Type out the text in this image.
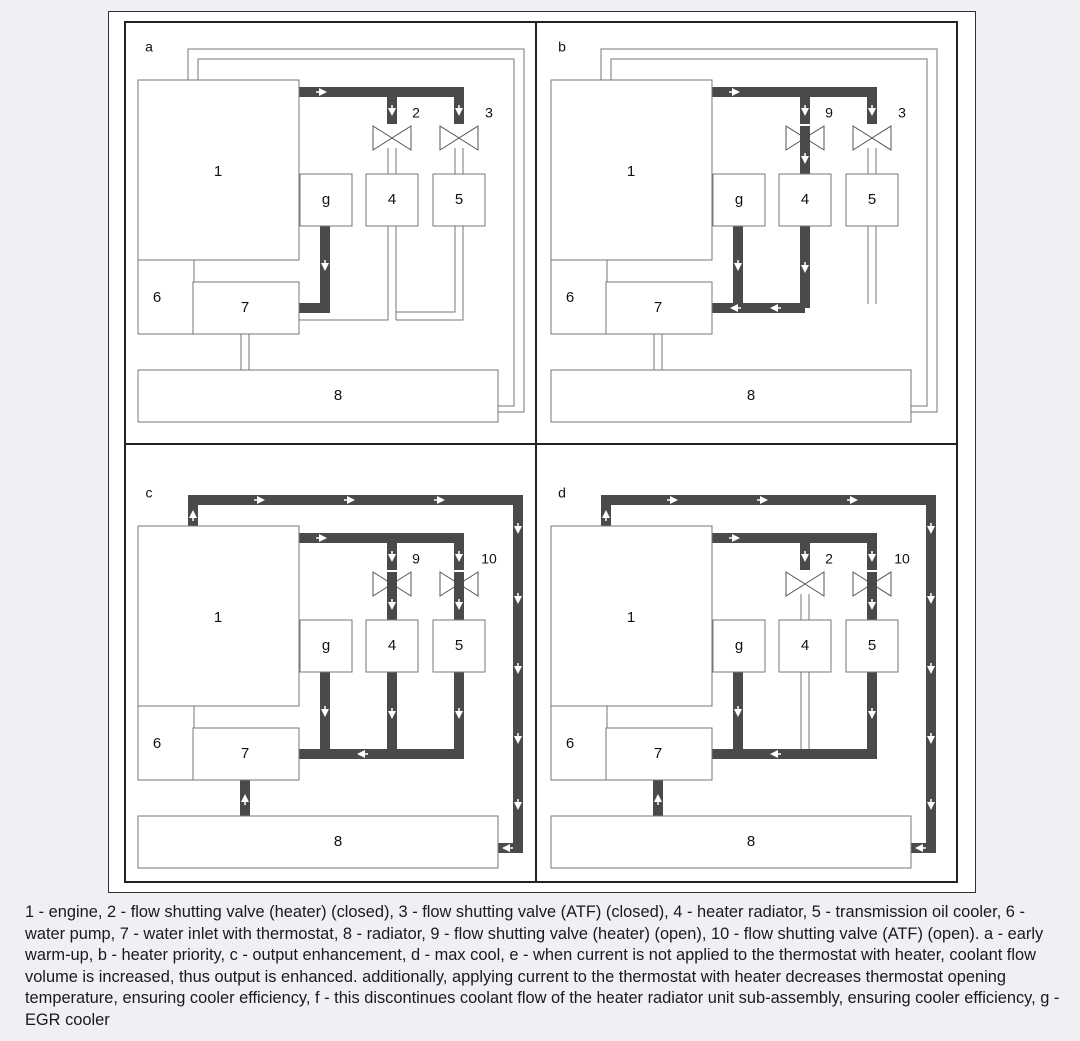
a
1
g	4	5
6
7
8
2	3
b
1
g	4	5
6
7
8
9	3
c
1
g	4	5
6
7
8
9	10
d
1
g	4	5
6
7
8
2	10

1 - engine, 2 - flow shutting valve (heater) (closed), 3 - flow shutting valve (ATF) (closed), 4 - heater radiator, 5 - transmission oil cooler, 6 - water pump, 7 - water inlet with thermostat, 8 - radiator, 9 - flow shutting valve (heater) (open), 10 - flow shutting valve (ATF) (open). a - early warm-up, b - heater priority, c - output enhancement, d - max cool, e - when current is not applied to the thermostat with heater, coolant flow volume is increased, thus output is enhanced. additionally, applying current to the thermostat with heater decreases thermostat opening temperature, ensuring cooler efficiency, f - this discontinues coolant flow of the heater radiator unit sub-assembly, ensuring cooler efficiency, g - EGR cooler
